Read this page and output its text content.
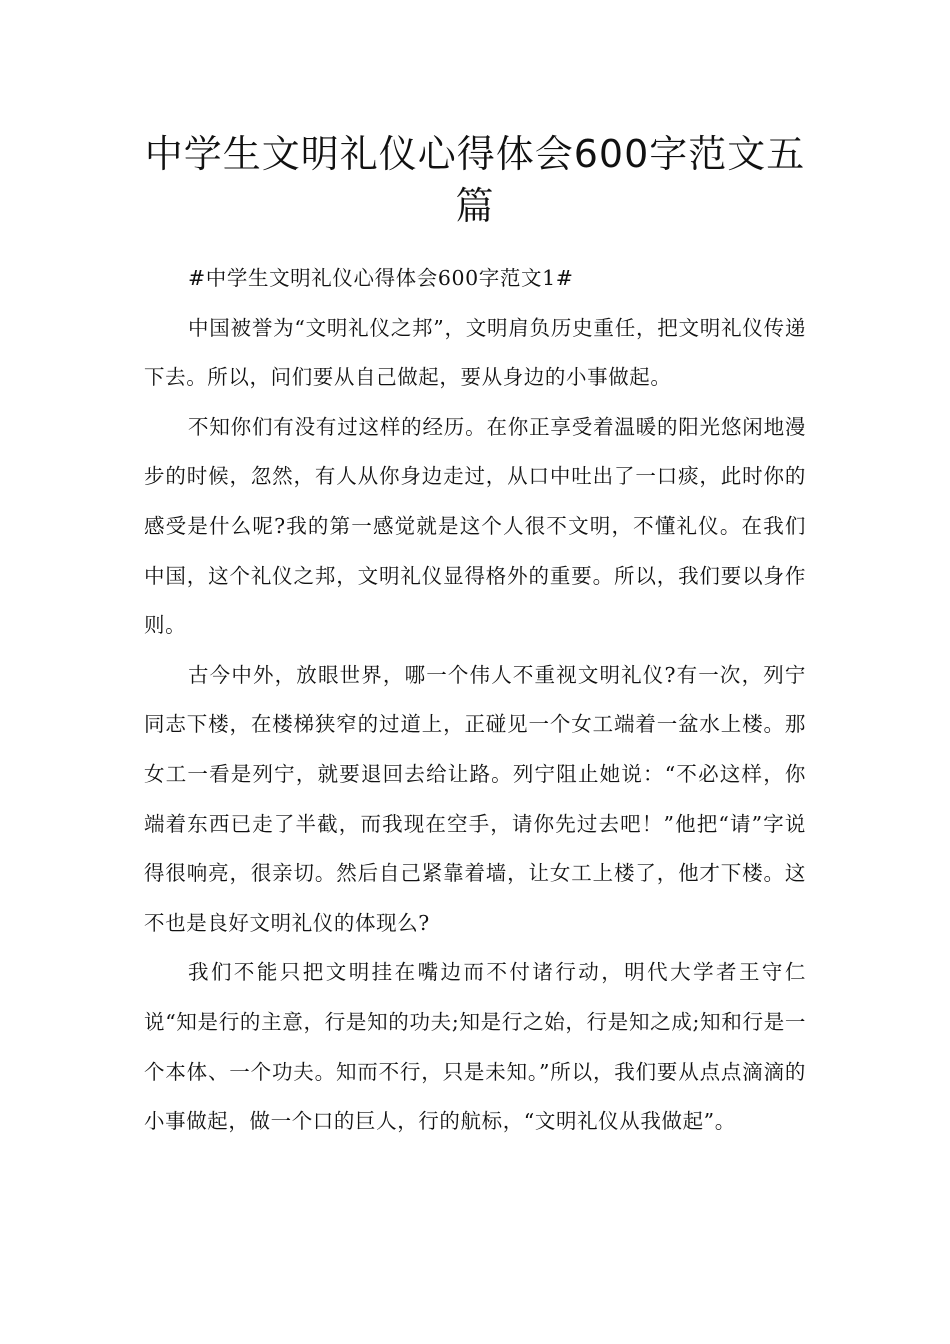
中学生文明礼仪心得体会600字范文五篇

#中学生文明礼仪心得体会600字范文1#

中国被誉为“文明礼仪之邦”，文明肩负历史重任，把文明礼仪传递下去。所以，问们要从自己做起，要从身边的小事做起。

不知你们有没有过这样的经历。在你正享受着温暖的阳光悠闲地漫步的时候，忽然，有人从你身边走过，从口中吐出了一口痰，此时你的感受是什么呢?我的第一感觉就是这个人很不文明，不懂礼仪。在我们中国，这个礼仪之邦，文明礼仪显得格外的重要。所以，我们要以身作则。

古今中外，放眼世界，哪一个伟人不重视文明礼仪?有一次，列宁同志下楼，在楼梯狭窄的过道上，正碰见一个女工端着一盆水上楼。那女工一看是列宁，就要退回去给让路。列宁阻止她说：“不必这样，你端着东西已走了半截，而我现在空手，请你先过去吧！”他把“请”字说得很响亮，很亲切。然后自己紧靠着墙，让女工上楼了，他才下楼。这不也是良好文明礼仪的体现么?

我们不能只把文明挂在嘴边而不付诸行动，明代大学者王守仁说“知是行的主意，行是知的功夫;知是行之始，行是知之成;知和行是一个本体、一个功夫。知而不行，只是未知。”所以，我们要从点点滴滴的小事做起，做一个口的巨人，行的航标，“文明礼仪从我做起”。
